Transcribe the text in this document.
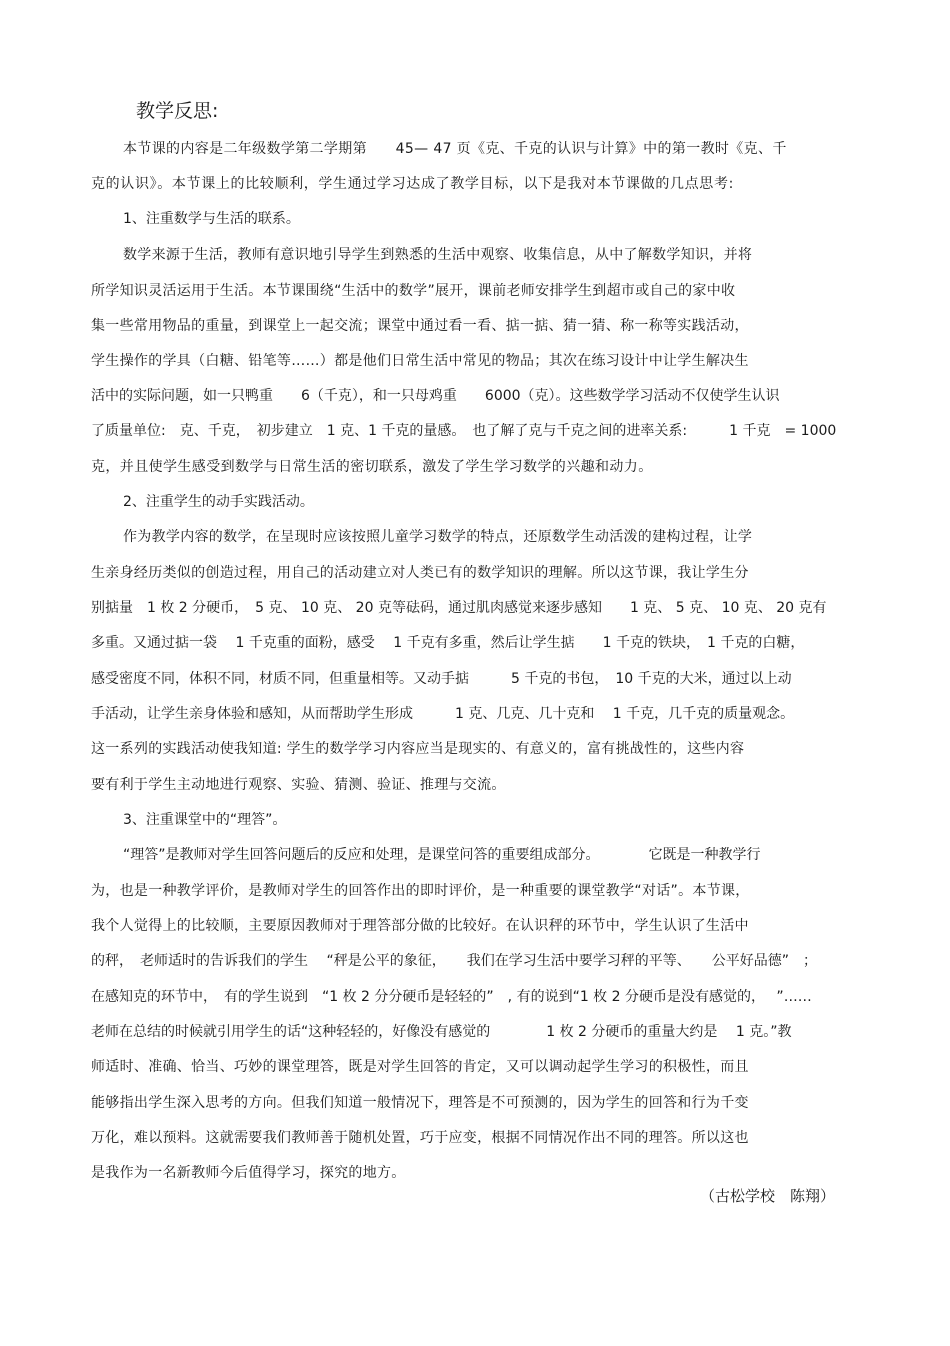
教学反思:
本节课的内容是二年级数学第二学期第　　45— 47 页《克、千克的认识与计算》中的第一教时《克、千
克的认识》。本节课上的比较顺利，学生通过学习达成了教学目标，以下是我对本节课做的几点思考:
1、注重数学与生活的联系。
数学来源于生活，教师有意识地引导学生到熟悉的生活中观察、收集信息，从中了解数学知识，并将
所学知识灵活运用于生活。本节课围绕“生活中的数学”展开，课前老师安排学生到超市或自己的家中收
集一些常用物品的重量，到课堂上一起交流；课堂中通过看一看、掂一掂、猜一猜、称一称等实践活动，
学生操作的学具（白糖、铅笔等……）都是他们日常生活中常见的物品；其次在练习设计中让学生解决生
活中的实际问题，如一只鸭重　　6（千克），和一只母鸡重　　6000（克）。这些数学学习活动不仅使学生认识
了质量单位:　克、千克，　初步建立　1 克、1 千克的量感。　也了解了克与千克之间的进率关系:　　　1 千克　= 1000
克，并且使学生感受到数学与日常生活的密切联系，激发了学生学习数学的兴趣和动力。
2、注重学生的动手实践活动。
作为教学内容的数学，在呈现时应该按照儿童学习数学的特点，还原数学生动活泼的建构过程，让学
生亲身经历类似的创造过程，用自己的活动建立对人类已有的数学知识的理解。所以这节课，我让学生分
别掂量　1 枚 2 分硬币，　5 克、 10 克、 20 克等砝码，通过肌肉感觉来逐步感知　　1 克、 5 克、 10 克、 20 克有
多重。又通过掂一袋　 1 千克重的面粉，感受　 1 千克有多重，然后让学生掂　　1 千克的铁块，　1 千克的白糖，
感受密度不同，体积不同，材质不同，但重量相等。又动手掂　　　5 千克的书包，　10 千克的大米，通过以上动
手活动，让学生亲身体验和感知，从而帮助学生形成　　　1 克、几克、几十克和　 1 千克，几千克的质量观念。
这一系列的实践活动使我知道: 学生的数学学习内容应当是现实的、有意义的，富有挑战性的，这些内容
要有利于学生主动地进行观察、实验、猜测、验证、推理与交流。
3、注重课堂中的“理答”。
“理答”是教师对学生回答问题后的反应和处理，是课堂问答的重要组成部分。　　　　它既是一种教学行
为，也是一种教学评价，是教师对学生的回答作出的即时评价，是一种重要的课堂教学“对话”。本节课，
我个人觉得上的比较顺，主要原因教师对于理答部分做的比较好。在认识秤的环节中，学生认识了生活中
的秤，　老师适时的告诉我们的学生　 “秤是公平的象征，　　我们在学习生活中要学习秤的平等、　　公平好品德”　；
在感知克的环节中，　有的学生说到　“1 枚 2 分分硬币是轻轻的”　, 有的说到“1 枚 2 分硬币是没有感觉的，　 ”……
老师在总结的时候就引用学生的话“这种轻轻的，好像没有感觉的　　　　1 枚 2 分硬币的重量大约是　 1 克。”教
师适时、准确、恰当、巧妙的课堂理答，既是对学生回答的肯定，又可以调动起学生学习的积极性，而且
能够指出学生深入思考的方向。但我们知道一般情况下，理答是不可预测的，因为学生的回答和行为千变
万化，难以预料。这就需要我们教师善于随机处置，巧于应变，根据不同情况作出不同的理答。所以这也
是我作为一名新教师今后值得学习，探究的地方。
（古松学校　陈翔）
